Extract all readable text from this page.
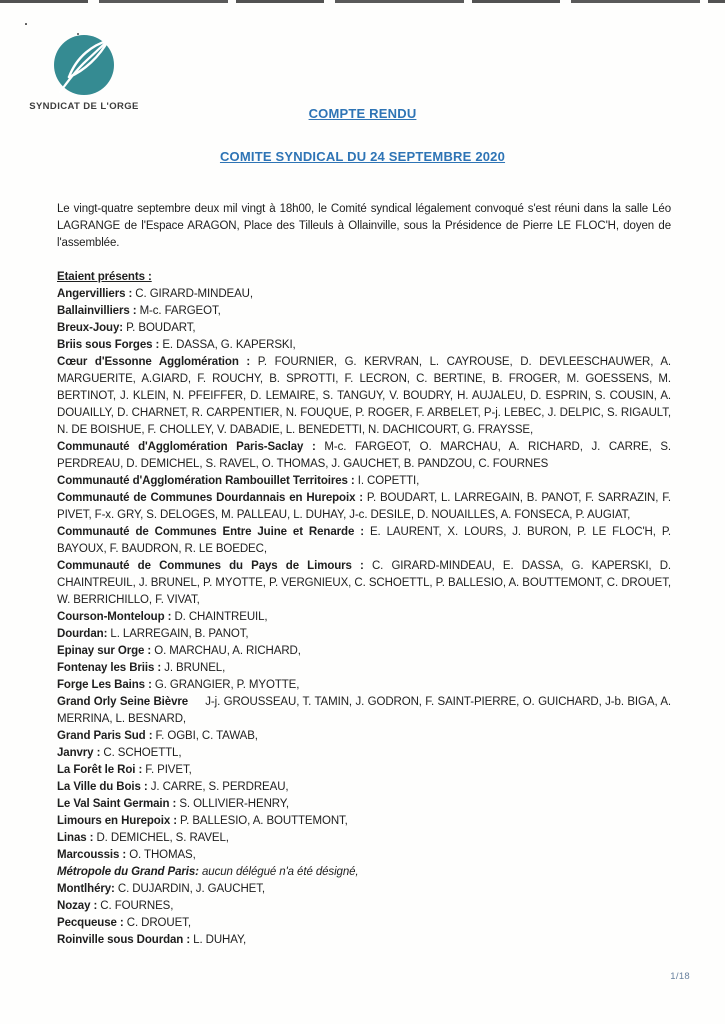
SYNDICAT DE L'ORGE	COMPTE RENDU
COMITE SYNDICAL DU 24 SEPTEMBRE 2020

Le vingt-quatre septembre deux mil vingt à 18h00, le Comité syndical légalement convoqué s'est réuni dans la salle Léo LAGRANGE de l'Espace ARAGON, Place des Tilleuls à Ollainville, sous la Présidence de Pierre LE FLOC'H, doyen de l'assemblée.

Etaient présents :

Angervilliers : C. GIRARD-MINDEAU,
Ballainvilliers : M-c. FARGEOT,
Breux-Jouy: P. BOUDART,
Briis sous Forges : E. DASSA, G. KAPERSKI,
Cœur d'Essonne Agglomération : P. FOURNIER, G. KERVRAN, L. CAYROUSE, D. DEVLEESCHAUWER, A. MARGUERITE, A.GIARD, F. ROUCHY, B. SPROTTI, F. LECRON, C. BERTINE, B. FROGER, M. GOESSENS, M. BERTINOT, J. KLEIN, N. PFEIFFER, D. LEMAIRE, S. TANGUY, V. BOUDRY, H. AUJALEU, D. ESPRIN, S. COUSIN, A. DOUAILLY, D. CHARNET, R. CARPENTIER, N. FOUQUE, P. ROGER, F. ARBELET, P-j. LEBEC, J. DELPIC, S. RIGAULT, N. DE BOISHUE, F. CHOLLEY, V. DABADIE, L. BENEDETTI, N. DACHICOURT, G. FRAYSSE,
Communauté d'Agglomération Paris-Saclay : M-c. FARGEOT, O. MARCHAU, A. RICHARD, J. CARRE, S. PERDREAU, D. DEMICHEL, S. RAVEL, O. THOMAS, J. GAUCHET, B. PANDZOU, C. FOURNES
Communauté d'Agglomération Rambouillet Territoires : I. COPETTI,
Communauté de Communes Dourdannais en Hurepoix : P. BOUDART, L. LARREGAIN, B. PANOT, F. SARRAZIN, F. PIVET, F-x. GRY, S. DELOGES, M. PALLEAU, L. DUHAY, J-c. DESILE, D. NOUAILLES, A. FONSECA, P. AUGIAT,
Communauté de Communes Entre Juine et Renarde : E. LAURENT, X. LOURS, J. BURON, P. LE FLOC'H, P. BAYOUX, F. BAUDRON, R. LE BOEDEC,
Communauté de Communes du Pays de Limours : C. GIRARD-MINDEAU, E. DASSA, G. KAPERSKI, D. CHAINTREUIL, J. BRUNEL, P. MYOTTE, P. VERGNIEUX, C. SCHOETTL, P. BALLESIO, A. BOUTTEMONT, C. DROUET, W. BERRICHILLO, F. VIVAT,
Courson-Monteloup : D. CHAINTREUIL,
Dourdan: L. LARREGAIN, B. PANOT,
Epinay sur Orge : O. MARCHAU, A. RICHARD,
Fontenay les Briis : J. BRUNEL,
Forge Les Bains : G. GRANGIER, P. MYOTTE,
Grand Orly Seine Bièvre     J-j. GROUSSEAU, T. TAMIN, J. GODRON, F. SAINT-PIERRE, O. GUICHARD, J-b. BIGA, A. MERRINA, L. BESNARD,
Grand Paris Sud : F. OGBI, C. TAWAB,
Janvry : C. SCHOETTL,
La Forêt le Roi : F. PIVET,
La Ville du Bois : J. CARRE, S. PERDREAU,
Le Val Saint Germain : S. OLLIVIER-HENRY,
Limours en Hurepoix : P. BALLESIO, A. BOUTTEMONT,
Linas : D. DEMICHEL, S. RAVEL,
Marcoussis : O. THOMAS,
Métropole du Grand Paris: aucun délégué n'a été désigné,
Montlhéry: C. DUJARDIN, J. GAUCHET,
Nozay : C. FOURNES,
Pecqueuse : C. DROUET,
Roinville sous Dourdan : L. DUHAY,
1/18
